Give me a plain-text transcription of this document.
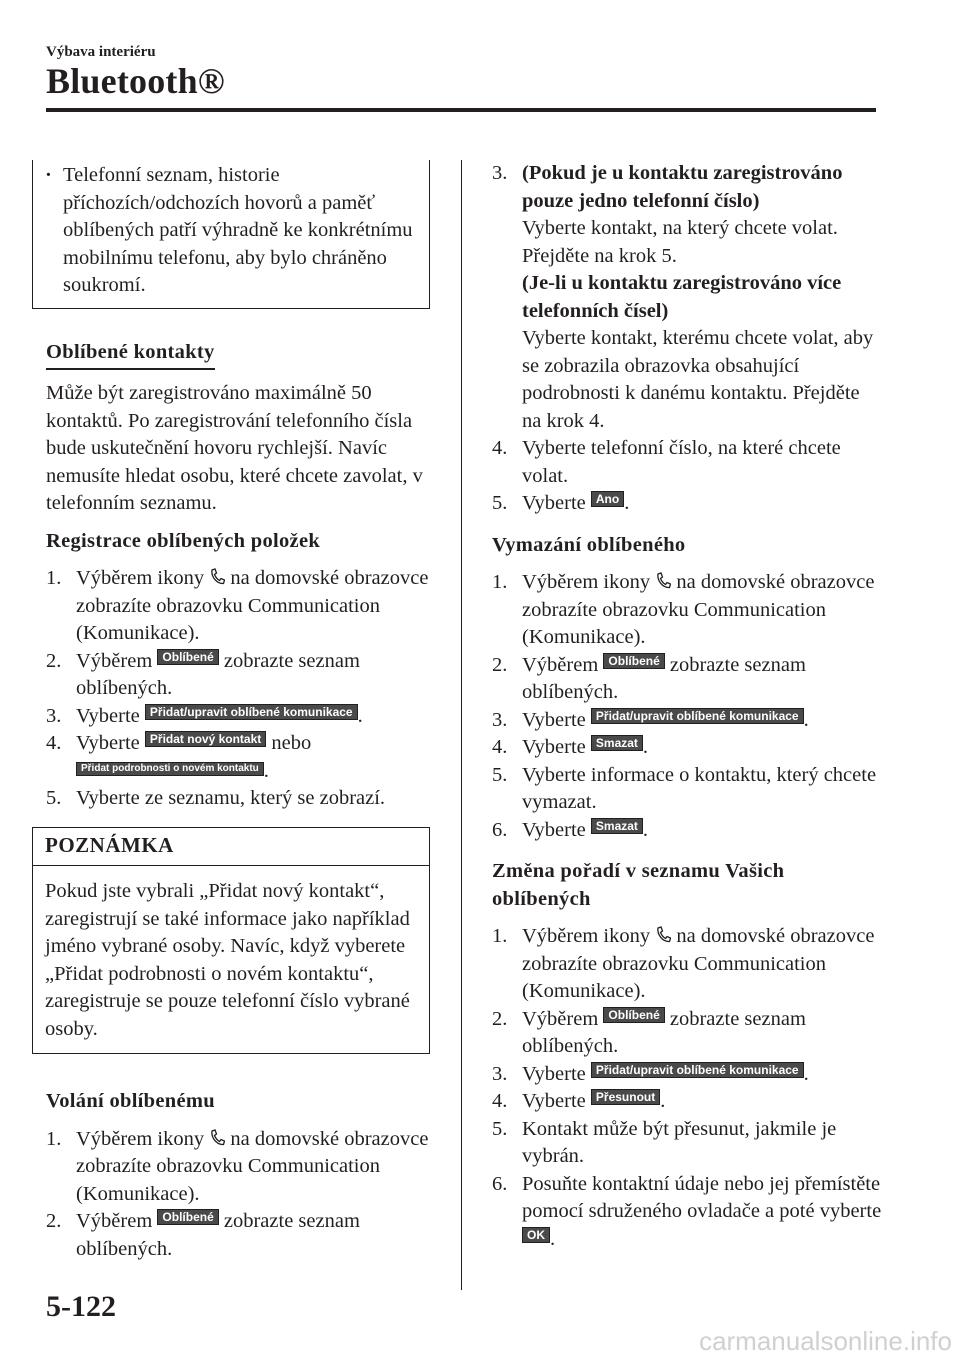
Výbava interiéru
Bluetooth®
· Telefonní seznam, historie příchozích/odchozích hovorů a paměť oblíbených patří výhradně ke konkrétnímu mobilnímu telefonu, aby bylo chráněno soukromí.
Oblíbené kontakty

Může být zaregistrováno maximálně 50 kontaktů. Po zaregistrování telefonního čísla bude uskutečnění hovoru rychlejší. Navíc nemusíte hledat osobu, které chcete zavolat, v telefonním seznamu.

Registrace oblíbených položek
1. Výběrem ikony na domovské obrazovce zobrazíte obrazovku Communication (Komunikace).
2. Výběrem Oblíbené zobrazte seznam oblíbených.
3. Vyberte Přidat/upravit oblíbené komunikace .
4. Vyberte Přidat nový kontakt nebo
Přidat podrobnosti o novém kontaktu .
5. Vyberte ze seznamu, který se zobrazí.
POZNÁMKA
Pokud jste vybrali „Přidat nový kontakt“, zaregistrují se také informace jako například jméno vybrané osoby. Navíc, když vyberete „Přidat podrobnosti o novém kontaktu“, zaregistruje se pouze telefonní číslo vybrané osoby.
Volání oblíbenému
1. Výběrem ikony na domovské obrazovce zobrazíte obrazovku Communication (Komunikace).
2. Výběrem Oblíbené zobrazte seznam oblíbených.
3. (Pokud je u kontaktu zaregistrováno pouze jedno telefonní číslo)
Vyberte kontakt, na který chcete volat. Přejděte na krok 5.
(Je-li u kontaktu zaregistrováno více telefonních čísel)
Vyberte kontakt, kterému chcete volat, aby se zobrazila obrazovka obsahující podrobnosti k danému kontaktu. Přejděte na krok 4.
4. Vyberte telefonní číslo, na které chcete volat.
5. Vyberte Ano .
Vymazání oblíbeného
1. Výběrem ikony na domovské obrazovce zobrazíte obrazovku Communication (Komunikace).
2. Výběrem Oblíbené zobrazte seznam oblíbených.
3. Vyberte Přidat/upravit oblíbené komunikace .
4. Vyberte Smazat .
5. Vyberte informace o kontaktu, který chcete vymazat.
6. Vyberte Smazat .
Změna pořadí v seznamu Vašich oblíbených
1. Výběrem ikony na domovské obrazovce zobrazíte obrazovku Communication (Komunikace).
2. Výběrem Oblíbené zobrazte seznam oblíbených.
3. Vyberte Přidat/upravit oblíbené komunikace .
4. Vyberte Přesunout .
5. Kontakt může být přesunut, jakmile je vybrán.
6. Posuňte kontaktní údaje nebo jej přemístěte pomocí sdruženého ovladače a poté vyberte OK .
5-122
carmanualsonline.info
